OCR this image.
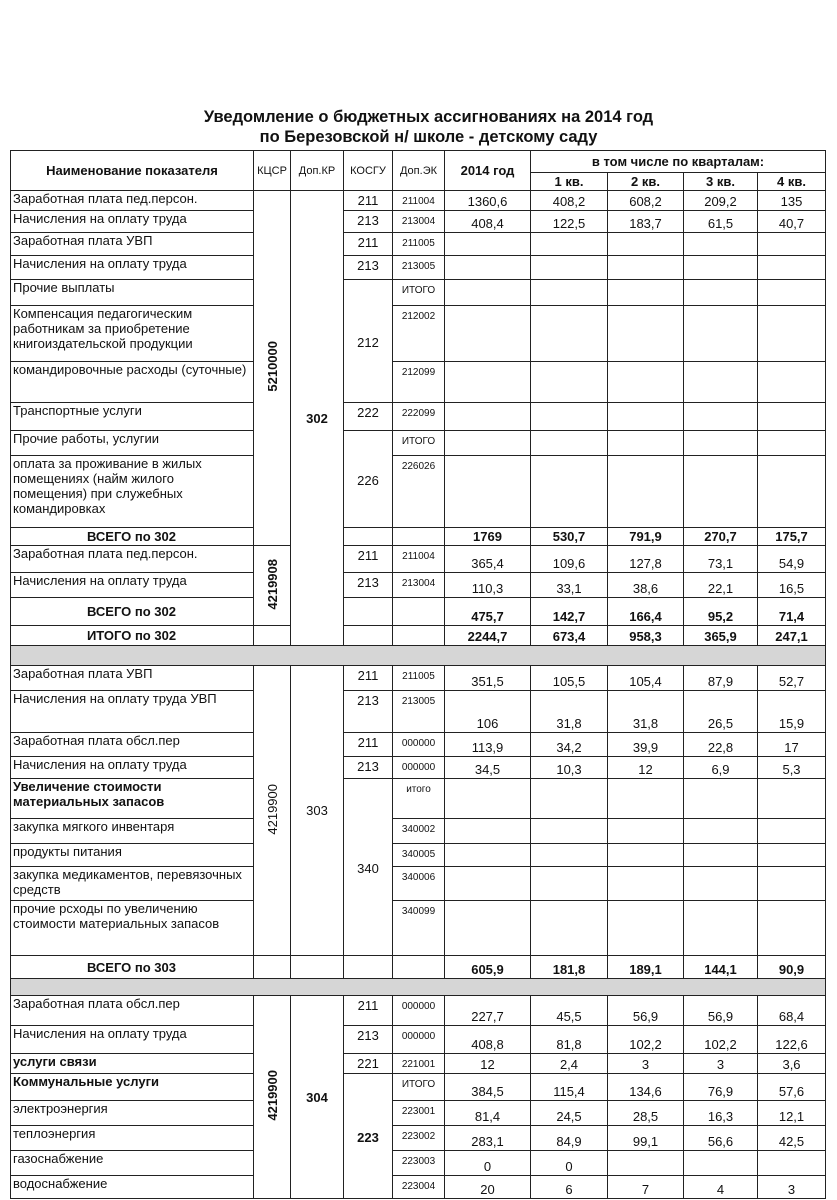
Уведомление о бюджетных ассигнованиях на 2014 год
по Березовской н/ школе - детскому саду
Наименование показателя	КЦСР	Доп.КР	КОСГУ	Доп.ЭК	2014 год	в том числе по кварталам:			
						1 кв.	2 кв.	3 кв.	4 кв.
Заработная плата пед.персон.	5210000	302	211	211004	1360,6	408,2	608,2	209,2	135
Начисления на оплату труда			213	213004	408,4	122,5	183,7	61,5	40,7
Заработная плата УВП			211	211005					
Начисления на оплату труда			213	213005					
Прочие выплаты			212	ИТОГО					
Компенсация педагогическим работникам за приобретение книгоиздательской продукции				212002					
командировочные расходы (суточные)				212099					
Транспортные услуги			222	222099					
Прочие работы, услугии			226	ИТОГО					
оплата за проживание в жилых помещениях (найм жилого помещения) при служебных командировках				226026					
ВСЕГО по 302					1769	530,7	791,9	270,7	175,7
Заработная плата пед.персон.	4219908		211	211004	365,4	109,6	127,8	73,1	54,9
Начисления на оплату труда			213	213004	110,3	33,1	38,6	22,1	16,5
ВСЕГО по 302					475,7	142,7	166,4	95,2	71,4
ИТОГО по 302					2244,7	673,4	958,3	365,9	247,1

Заработная плата УВП	4219900	303	211	211005	351,5	105,5	105,4	87,9	52,7
Начисления на оплату труда УВП			213	213005	106	31,8	31,8	26,5	15,9
Заработная плата обсл.пер			211	000000	113,9	34,2	39,9	22,8	17
Начисления на оплату труда			213	000000	34,5	10,3	12	6,9	5,3
Увеличение стоимости материальных запасов			340	итого					
закупка мягкого инвентаря				340002					
продукты питания				340005					
закупка медикаментов, перевязочных средств				340006					
прочие рсходы по увеличению стоимости материальных запасов				340099					
ВСЕГО по 303					605,9	181,8	189,1	144,1	90,9

Заработная плата обсл.пер	4219900	304	211	000000	227,7	45,5	56,9	56,9	68,4
Начисления на оплату труда			213	000000	408,8	81,8	102,2	102,2	122,6
услуги связи			221	221001	12	2,4	3	3	3,6
Коммунальные услуги			223	ИТОГО	384,5	115,4	134,6	76,9	57,6
электроэнергия				223001	81,4	24,5	28,5	16,3	12,1
теплоэнергия				223002	283,1	84,9	99,1	56,6	42,5
газоснабжение				223003	0	0			
водоснабжение				223004	20	6	7	4	3
